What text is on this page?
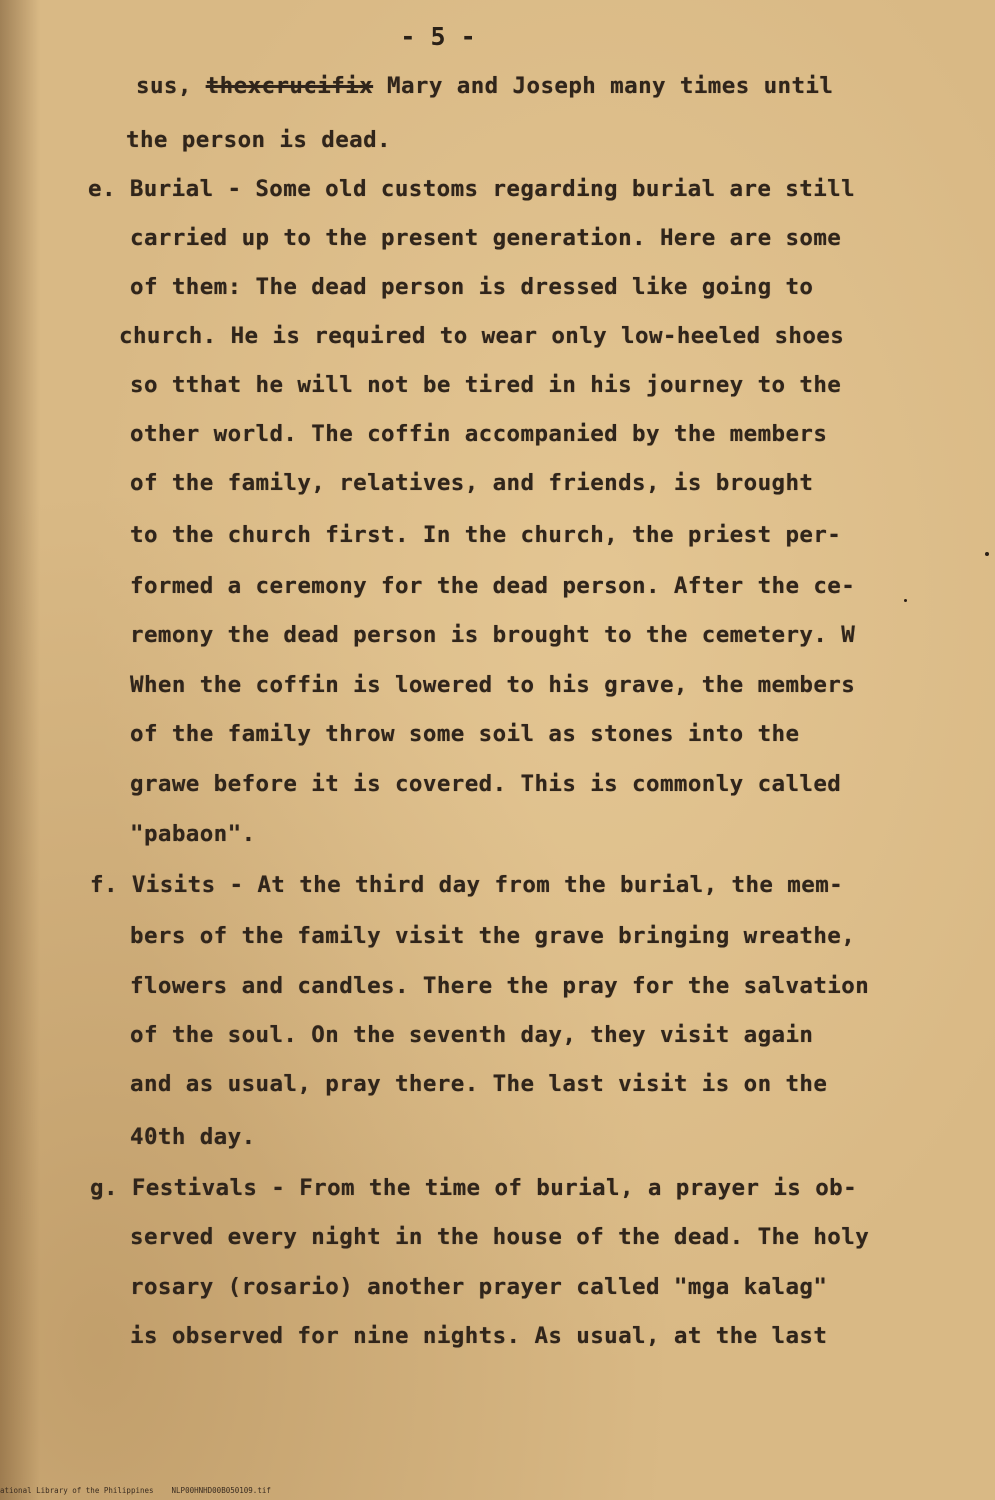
- 5 -
sus, thexcrucifix Mary and Joseph many times until
the person is dead.
e. Burial - Some old customs regarding burial are still
carried up to the present generation. Here are some
of them: The dead person is dressed like going to
church. He is required to wear only low-heeled shoes
so tthat he will not be tired in his journey to the
other world. The coffin accompanied by the members
of the family, relatives, and friends, is brought
to the church first. In the church, the priest per-
formed a ceremony for the dead person. After the ce-
remony the dead person is brought to the cemetery. W
When the coffin is lowered to his grave, the members
of the family throw some soil as stones into the
grawe before it is covered. This is commonly called
"pabaon".
f. Visits - At the third day from the burial, the mem-
bers of the family visit the grave bringing wreathe,
flowers and candles. There the pray for the salvation
of the soul. On the seventh day, they visit again
and as usual, pray there. The last visit is on the
40th day.
g. Festivals - From the time of burial, a prayer is ob-
served every night in the house of the dead. The holy
rosary (rosario) another prayer called "mga kalag"
is observed for nine nights. As usual, at the last
ational Library of the Philippines NLP00HNHD00B050109.tif
